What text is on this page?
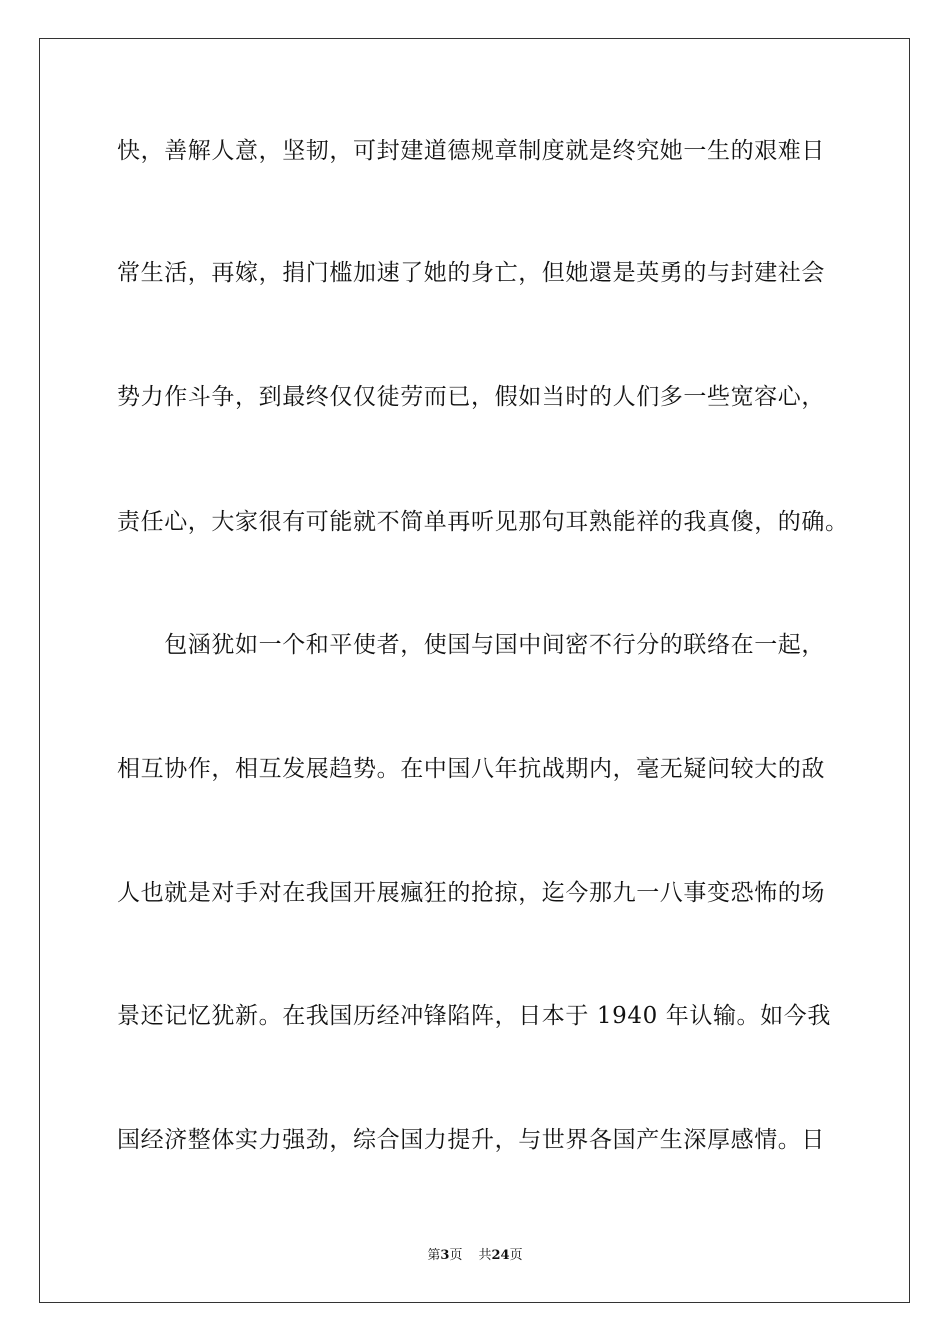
快，善解人意，坚韧，可封建道德规章制度就是终究她一生的艰难日
常生活，再嫁，捐门槛加速了她的身亡，但她還是英勇的与封建社会
势力作斗争，到最终仅仅徒劳而已，假如当时的人们多一些宽容心，
责任心，大家很有可能就不简单再听见那句耳熟能祥的我真傻，的确。
　　包涵犹如一个和平使者，使国与国中间密不行分的联络在一起，
相互协作，相互发展趋势。在中国八年抗战期内，毫无疑问较大的敌
人也就是对手对在我国开展瘋狂的抢掠，迄今那九一八事变恐怖的场
景还记忆犹新。在我国历经冲锋陷阵，日本于 1940 年认输。如今我
国经济整体实力强劲，综合国力提升，与世界各国产生深厚感情。日
第3页 共24页
